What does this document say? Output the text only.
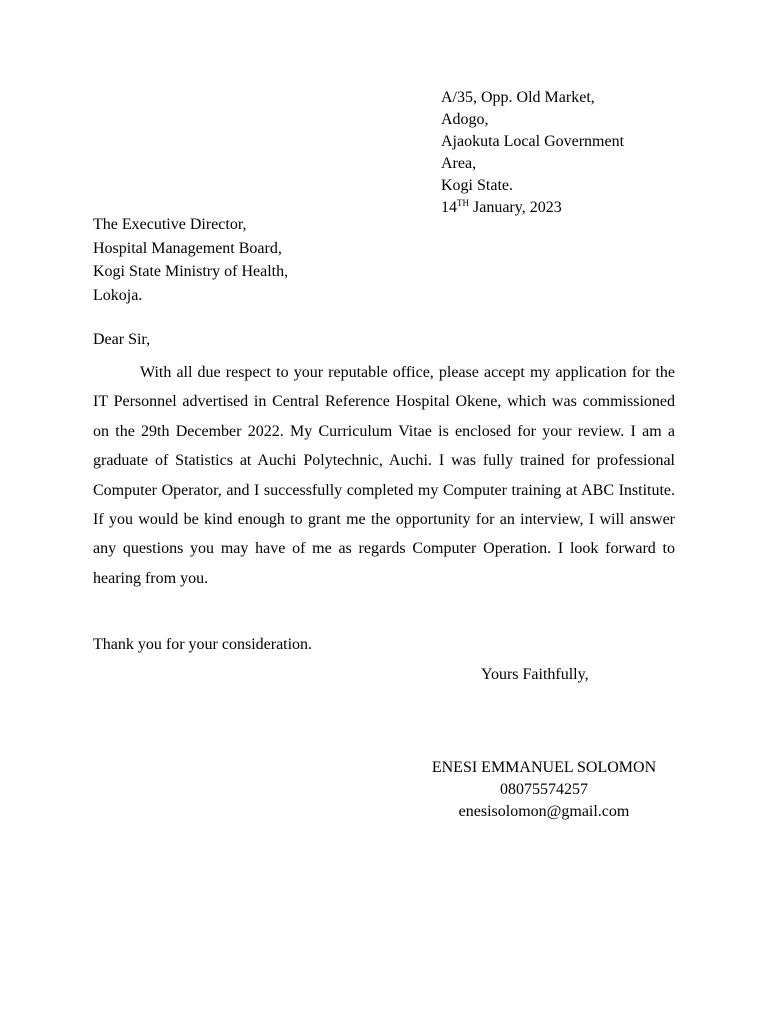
A/35, Opp. Old Market,
Adogo,
Ajaokuta Local Government
Area,
Kogi State.
14TH January, 2023
The Executive Director,
Hospital Management Board,
Kogi State Ministry of Health,
Lokoja.
Dear Sir,
With all due respect to your reputable office, please accept my application for the IT Personnel advertised in Central Reference Hospital Okene, which was commissioned on the 29th December 2022. My Curriculum Vitae is enclosed for your review. I am a graduate of Statistics at Auchi Polytechnic, Auchi. I was fully trained for professional Computer Operator, and I successfully completed my Computer training at ABC Institute. If you would be kind enough to grant me the opportunity for an interview, I will answer any questions you may have of me as regards Computer Operation. I look forward to hearing from you.
Thank you for your consideration.
Yours Faithfully,
ENESI EMMANUEL SOLOMON
08075574257
enesisolomon@gmail.com
